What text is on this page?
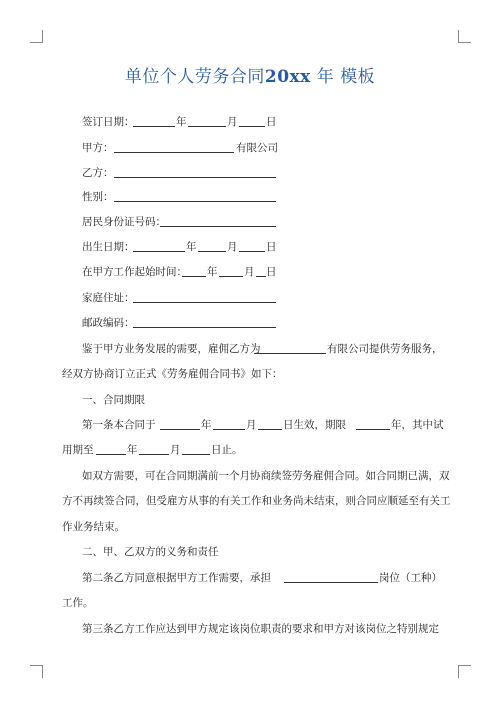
单位个人劳务合同20xx 年 模板
签订日期：	年	月	日
甲方：	有限公司
乙方：
性别：
居民身份证号码：
出生日期：	年	月	日
在甲方工作起始时间： 年	月 日
家庭住址：
邮政编码：
鉴于甲方业务发展的需要，雇佣乙方为	有限公司提供劳务服务，
经双方协商订立正式《劳务雇佣合同书》如下：
一、合同期限
第一条本合同于	年	月	日生效，期限	年，其中试
用期至	年	月	日止。
如双方需要，可在合同期满前一个月协商续签劳务雇佣合同。如合同期已满，双
方不再续签合同，但受雇方从事的有关工作和业务尚未结束，则合同应顺延至有关工
作业务结束。
二、甲、乙双方的义务和责任
第二条乙方同意根据甲方工作需要，承担	岗位（工种）
工作。
第三条乙方工作应达到甲方规定该岗位职责的要求和甲方对该岗位之特别规定
